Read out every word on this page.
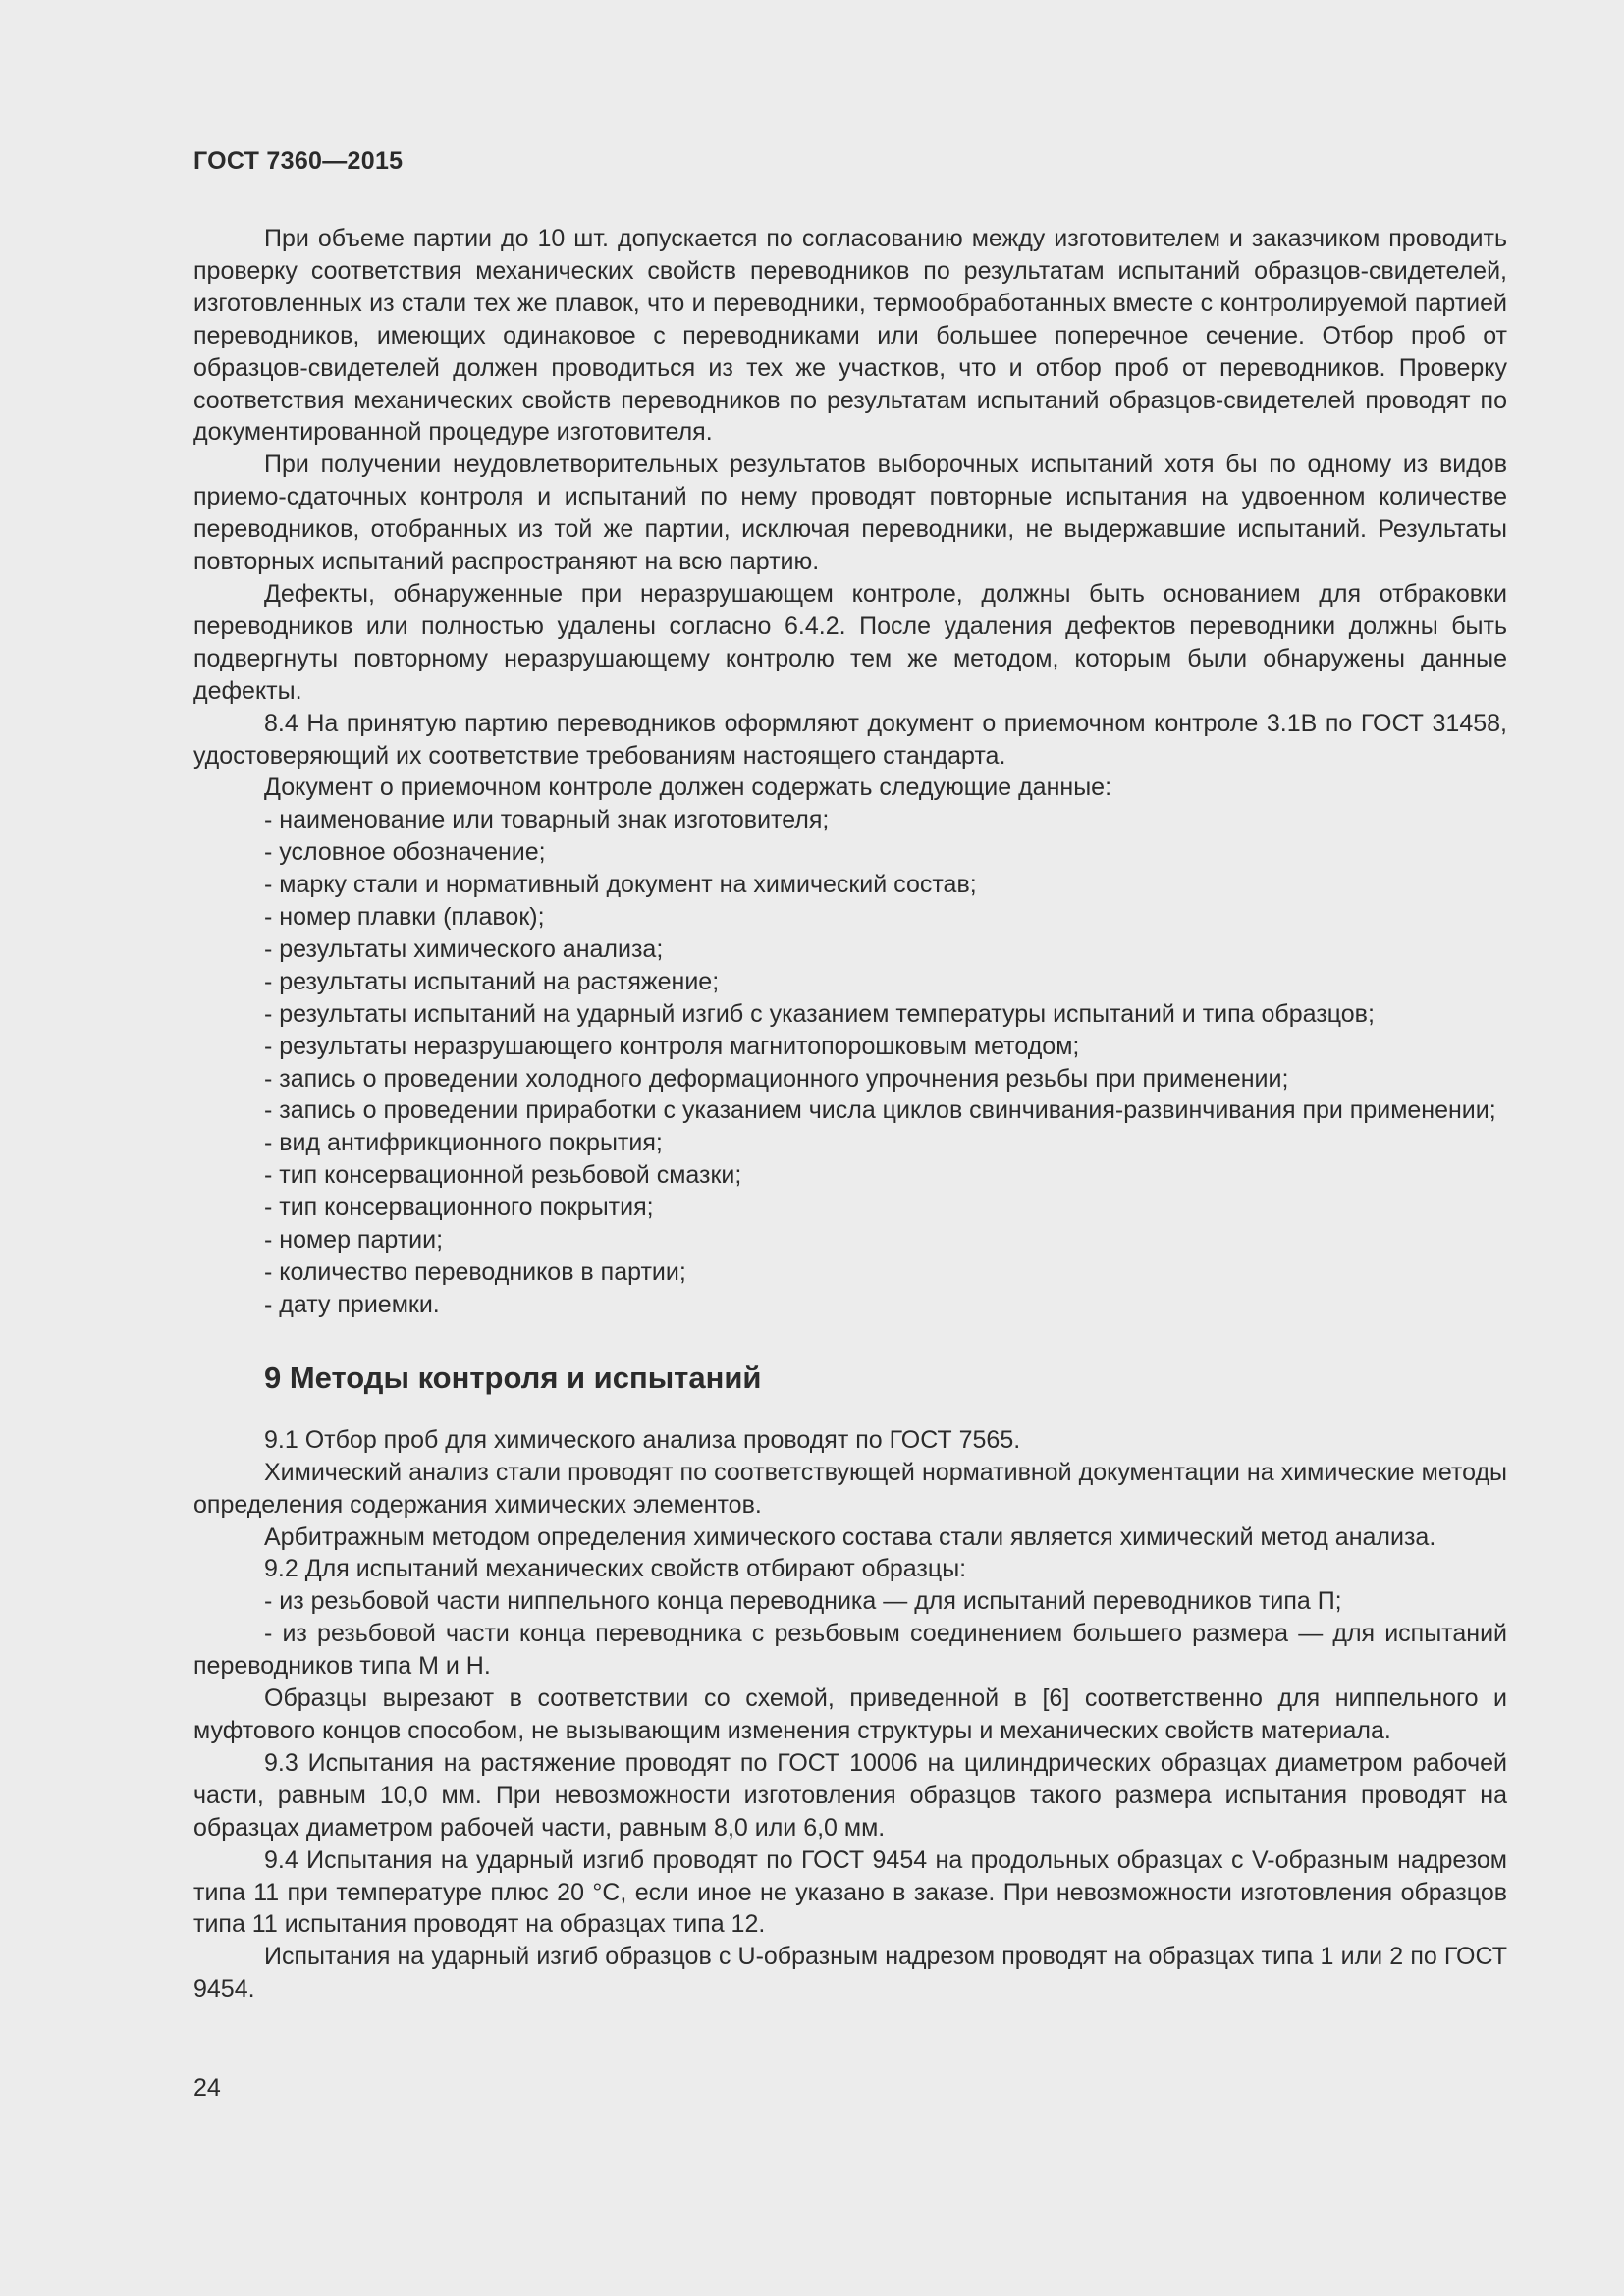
ГОСТ 7360—2015

При объеме партии до 10 шт. допускается по согласованию между изготовителем и заказчиком проводить проверку соответствия механических свойств переводников по результатам испытаний образцов-свидетелей, изготовленных из стали тех же плавок, что и переводники, термообработанных вместе с контролируемой партией переводников, имеющих одинаковое с переводниками или большее поперечное сечение. Отбор проб от образцов-свидетелей должен проводиться из тех же участков, что и отбор проб от переводников. Проверку соответствия механических свойств переводников по результатам испытаний образцов-свидетелей проводят по документированной процедуре изготовителя.

При получении неудовлетворительных результатов выборочных испытаний хотя бы по одному из видов приемо-сдаточных контроля и испытаний по нему проводят повторные испытания на удвоенном количестве переводников, отобранных из той же партии, исключая переводники, не выдержавшие испытаний. Результаты повторных испытаний распространяют на всю партию.

Дефекты, обнаруженные при неразрушающем контроле, должны быть основанием для отбраковки переводников или полностью удалены согласно 6.4.2. После удаления дефектов переводники должны быть подвергнуты повторному неразрушающему контролю тем же методом, которым были обнаружены данные дефекты.

8.4 На принятую партию переводников оформляют документ о приемочном контроле 3.1В по ГОСТ 31458, удостоверяющий их соответствие требованиям настоящего стандарта.

Документ о приемочном контроле должен содержать следующие данные:

- наименование или товарный знак изготовителя;

- условное обозначение;

- марку стали и нормативный документ на химический состав;

- номер плавки (плавок);

- результаты химического анализа;

- результаты испытаний на растяжение;

- результаты испытаний на ударный изгиб с указанием температуры испытаний и типа образцов;

- результаты неразрушающего контроля магнитопорошковым методом;

- запись о проведении холодного деформационного упрочнения резьбы при применении;

- запись о проведении приработки с указанием числа циклов свинчивания-развинчивания при применении;

- вид антифрикционного покрытия;

- тип консервационной резьбовой смазки;

- тип консервационного покрытия;

- номер партии;

- количество переводников в партии;

- дату приемки.

9 Методы контроля и испытаний

9.1 Отбор проб для химического анализа проводят по ГОСТ 7565.

Химический анализ стали проводят по соответствующей нормативной документации на химические методы определения содержания химических элементов.

Арбитражным методом определения химического состава стали является химический метод анализа.

9.2 Для испытаний механических свойств отбирают образцы:

- из резьбовой части ниппельного конца переводника — для испытаний переводников типа П;

- из резьбовой части конца переводника с резьбовым соединением большего размера — для испытаний переводников типа М и Н.

Образцы вырезают в соответствии со схемой, приведенной в [6] соответственно для ниппельного и муфтового концов способом, не вызывающим изменения структуры и механических свойств материала.

9.3 Испытания на растяжение проводят по ГОСТ 10006 на цилиндрических образцах диаметром рабочей части, равным 10,0 мм. При невозможности изготовления образцов такого размера испытания проводят на образцах диаметром рабочей части, равным 8,0 или 6,0 мм.

9.4 Испытания на ударный изгиб проводят по ГОСТ 9454 на продольных образцах с V-образным надрезом типа 11 при температуре плюс 20 °C, если иное не указано в заказе. При невозможности изготовления образцов типа 11 испытания проводят на образцах типа 12.

Испытания на ударный изгиб образцов с U-образным надрезом проводят на образцах типа 1 или 2 по ГОСТ 9454.

24
